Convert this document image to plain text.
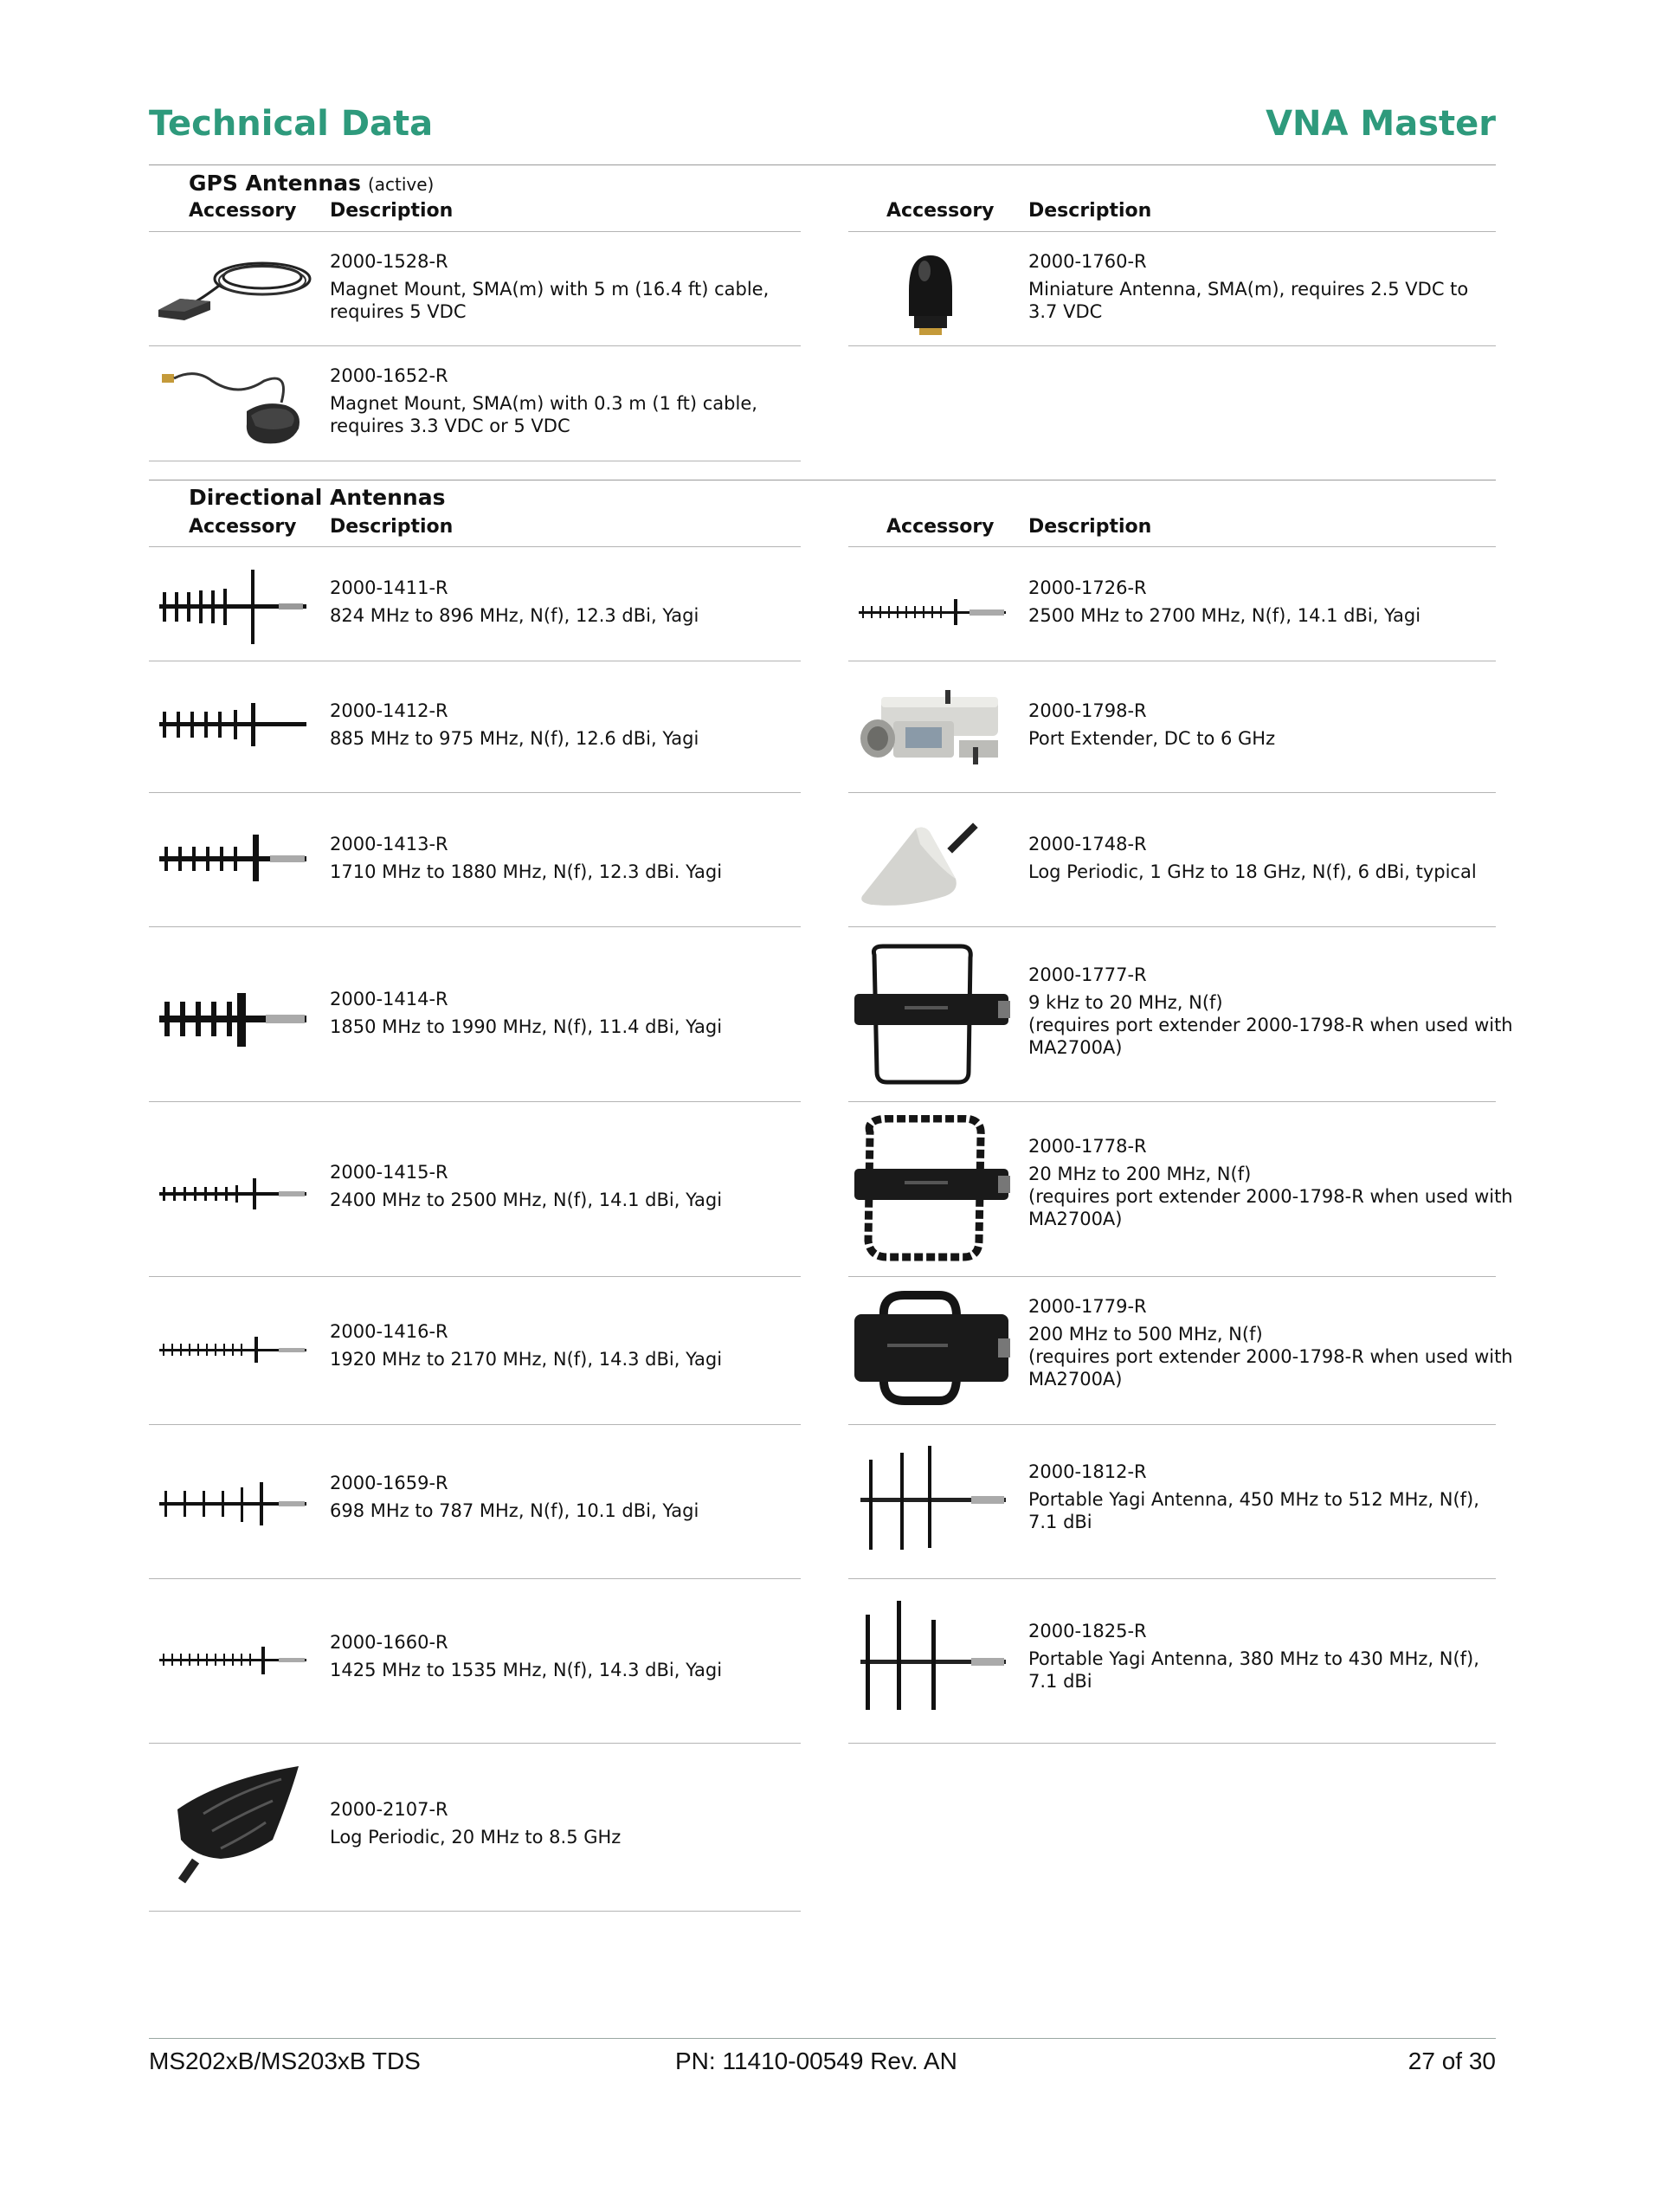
Technical Data	VNA Master
GPS Antennas (active)
Accessory Description	Accessory Description
2000-1528-R
Magnet Mount, SMA(m) with 5 m (16.4 ft) cable,
requires 5 VDC
2000-1760-R
Miniature Antenna, SMA(m), requires 2.5 VDC to
3.7 VDC
2000-1652-R
Magnet Mount, SMA(m) with 0.3 m (1 ft) cable,
requires 3.3 VDC or 5 VDC
Directional Antennas
Accessory Description	Accessory Description
2000-1411-R
824 MHz to 896 MHz, N(f), 12.3 dBi, Yagi
2000-1412-R
885 MHz to 975 MHz, N(f), 12.6 dBi, Yagi
2000-1413-R
1710 MHz to 1880 MHz, N(f), 12.3 dBi. Yagi
2000-1414-R
1850 MHz to 1990 MHz, N(f), 11.4 dBi, Yagi
2000-1415-R
2400 MHz to 2500 MHz, N(f), 14.1 dBi, Yagi
2000-1416-R
1920 MHz to 2170 MHz, N(f), 14.3 dBi, Yagi
2000-1659-R
698 MHz to 787 MHz, N(f), 10.1 dBi, Yagi
2000-1660-R
1425 MHz to 1535 MHz, N(f), 14.3 dBi, Yagi
2000-2107-R
Log Periodic, 20 MHz to 8.5 GHz
2000-1726-R
2500 MHz to 2700 MHz, N(f), 14.1 dBi, Yagi
2000-1798-R
Port Extender, DC to 6 GHz
2000-1748-R
Log Periodic, 1 GHz to 18 GHz, N(f), 6 dBi, typical
2000-1777-R
9 kHz to 20 MHz, N(f)
(requires port extender 2000-1798-R when used with
MA2700A)
2000-1778-R
20 MHz to 200 MHz, N(f)
(requires port extender 2000-1798-R when used with
MA2700A)
2000-1779-R
200 MHz to 500 MHz, N(f)
(requires port extender 2000-1798-R when used with
MA2700A)
2000-1812-R
Portable Yagi Antenna, 450 MHz to 512 MHz, N(f),
7.1 dBi
2000-1825-R
Portable Yagi Antenna, 380 MHz to 430 MHz, N(f),
7.1 dBi
MS202xB/MS203xB TDS	PN: 11410-00549 Rev. AN	27 of 30
